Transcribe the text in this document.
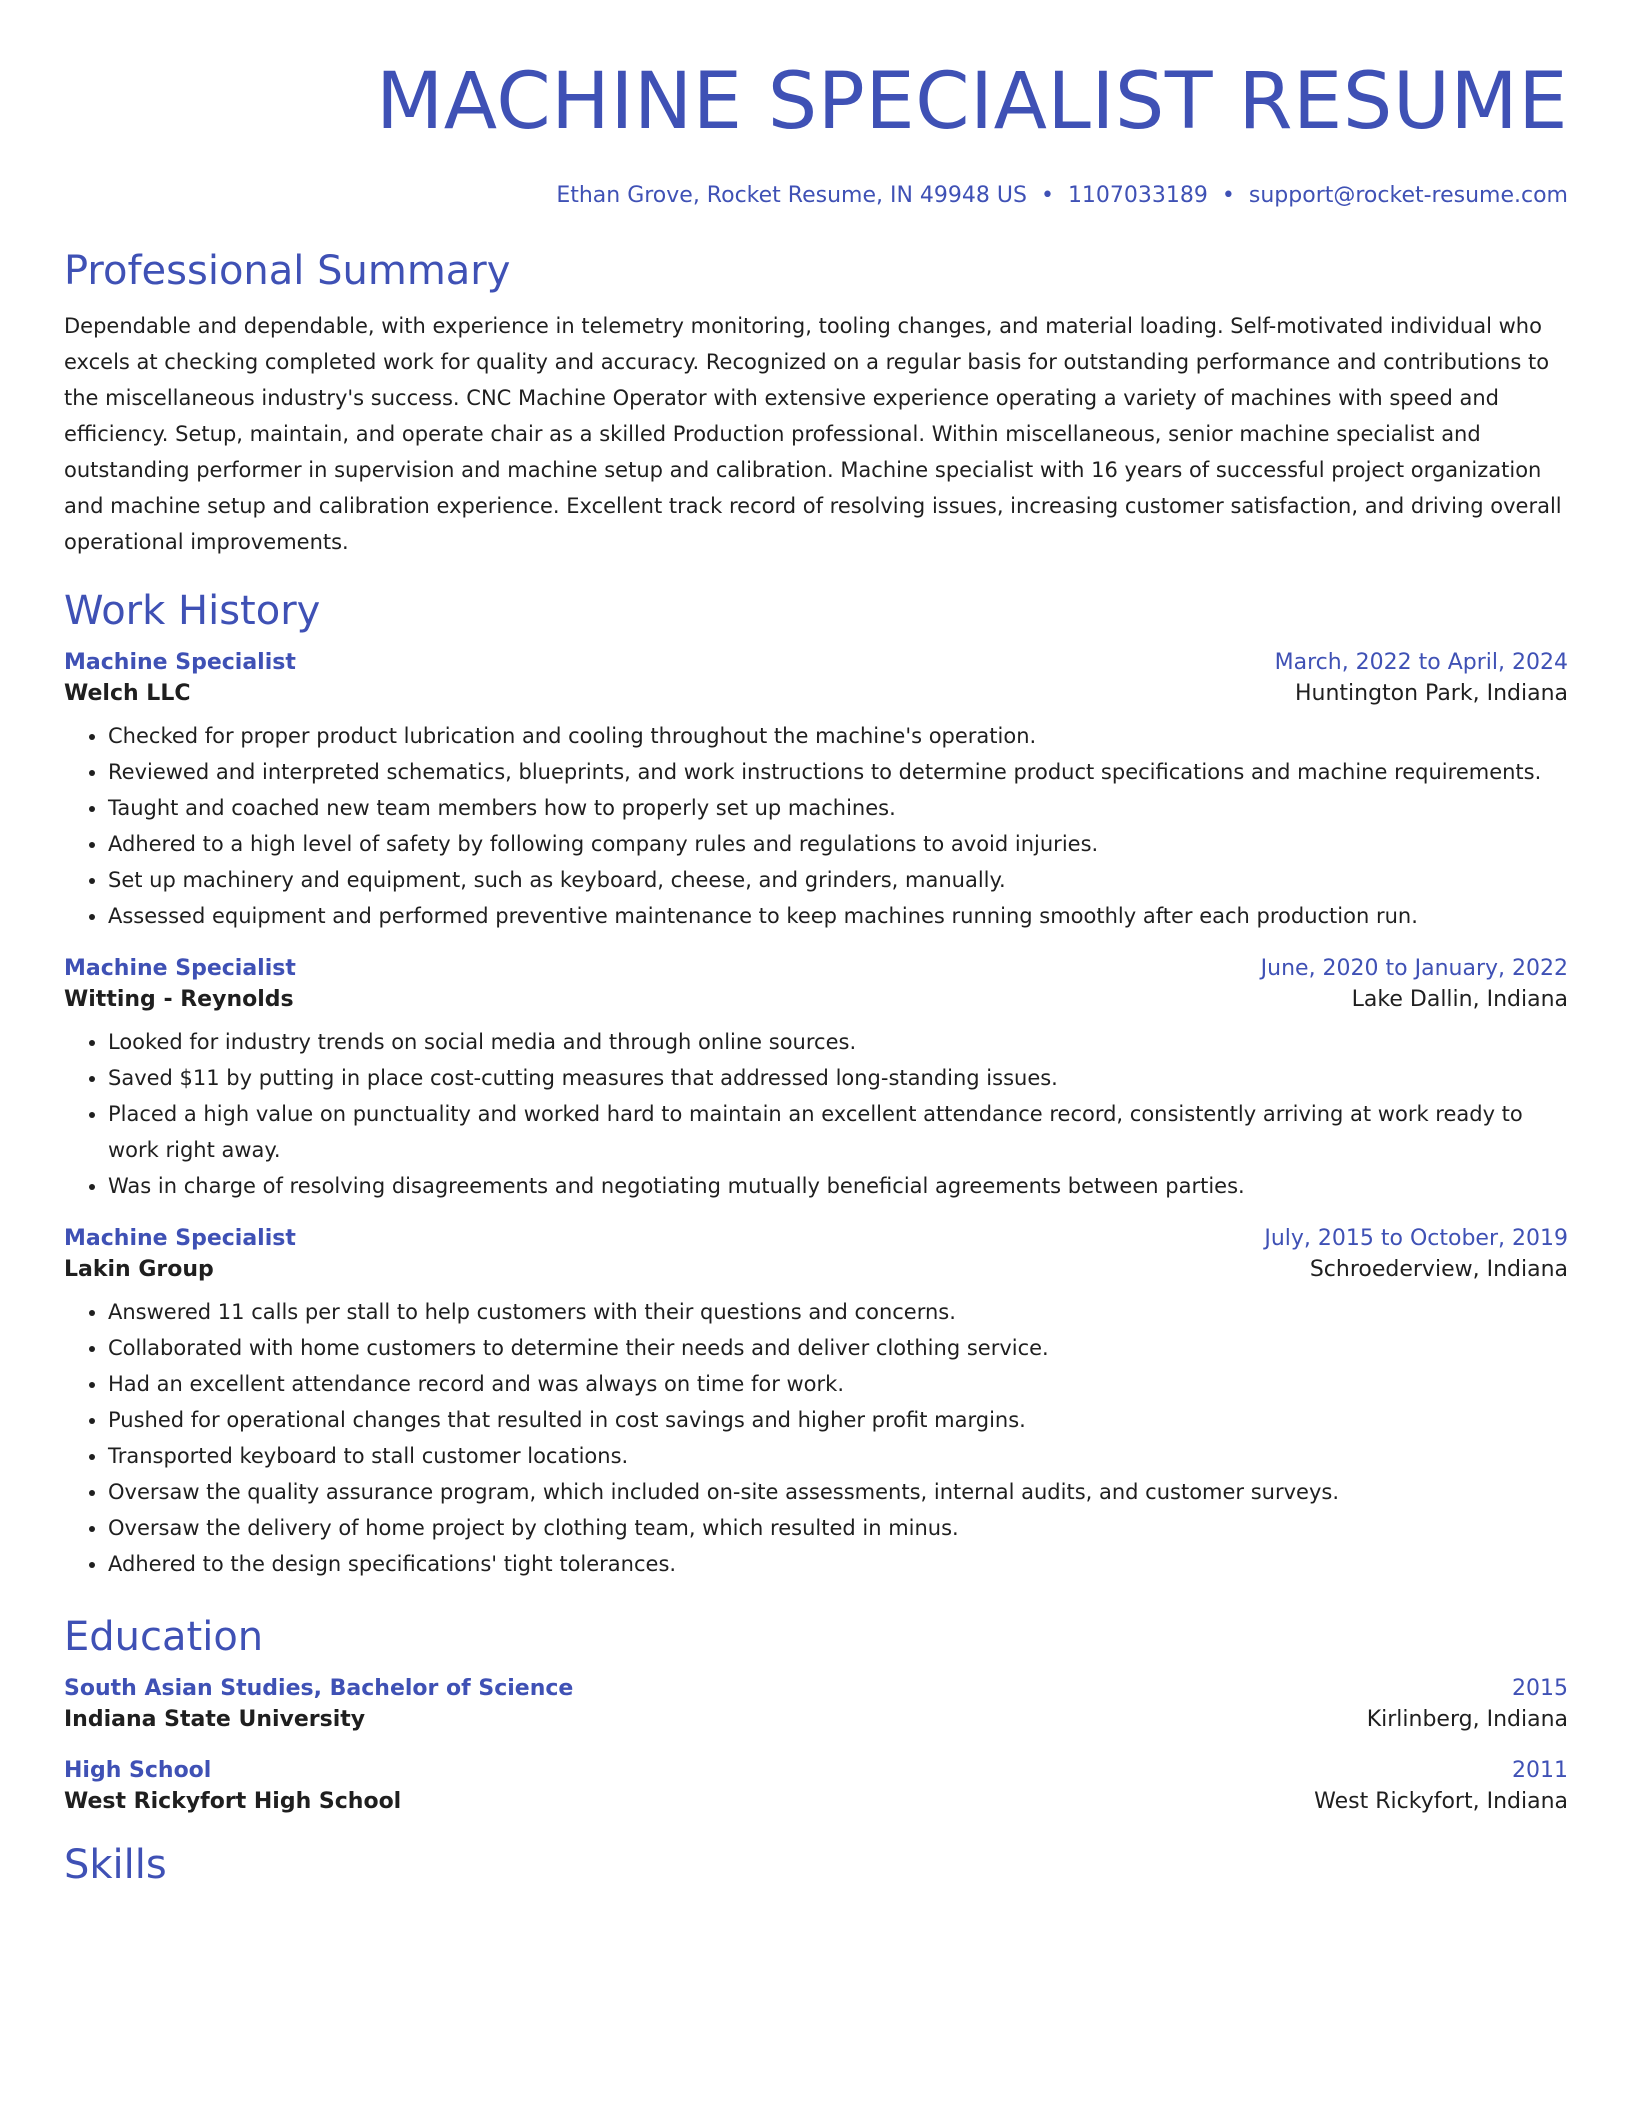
MACHINE SPECIALIST RESUME
Ethan Grove, Rocket Resume, IN 49948 US • 1107033189 • support@rocket-resume.com
Professional Summary

Dependable and dependable, with experience in telemetry monitoring, tooling changes, and material loading. Self-motivated individual who excels at checking completed work for quality and accuracy. Recognized on a regular basis for outstanding performance and contributions to the miscellaneous industry's success. CNC Machine Operator with extensive experience operating a variety of machines with speed and efficiency. Setup, maintain, and operate chair as a skilled Production professional. Within miscellaneous, senior machine specialist and outstanding performer in supervision and machine setup and calibration. Machine specialist with 16 years of successful project organization and machine setup and calibration experience. Excellent track record of resolving issues, increasing customer satisfaction, and driving overall operational improvements.

Work History
Machine Specialist	March, 2022 to April, 2024
Welch LLC	Huntington Park, Indiana
• Checked for proper product lubrication and cooling throughout the machine's operation.
• Reviewed and interpreted schematics, blueprints, and work instructions to determine product specifications and machine requirements.
• Taught and coached new team members how to properly set up machines.
• Adhered to a high level of safety by following company rules and regulations to avoid injuries.
• Set up machinery and equipment, such as keyboard, cheese, and grinders, manually.
• Assessed equipment and performed preventive maintenance to keep machines running smoothly after each production run.
Machine Specialist	June, 2020 to January, 2022
Witting - Reynolds	Lake Dallin, Indiana
• Looked for industry trends on social media and through online sources.
• Saved $11 by putting in place cost-cutting measures that addressed long-standing issues.
• Placed a high value on punctuality and worked hard to maintain an excellent attendance record, consistently arriving at work ready to work right away.
• Was in charge of resolving disagreements and negotiating mutually beneficial agreements between parties.
Machine Specialist	July, 2015 to October, 2019
Lakin Group	Schroederview, Indiana
• Answered 11 calls per stall to help customers with their questions and concerns.
• Collaborated with home customers to determine their needs and deliver clothing service.
• Had an excellent attendance record and was always on time for work.
• Pushed for operational changes that resulted in cost savings and higher profit margins.
• Transported keyboard to stall customer locations.
• Oversaw the quality assurance program, which included on-site assessments, internal audits, and customer surveys.
• Oversaw the delivery of home project by clothing team, which resulted in minus.
• Adhered to the design specifications' tight tolerances.
Education
South Asian Studies, Bachelor of Science	2015
Indiana State University	Kirlinberg, Indiana
High School	2011
West Rickyfort High School	West Rickyfort, Indiana
Skills
